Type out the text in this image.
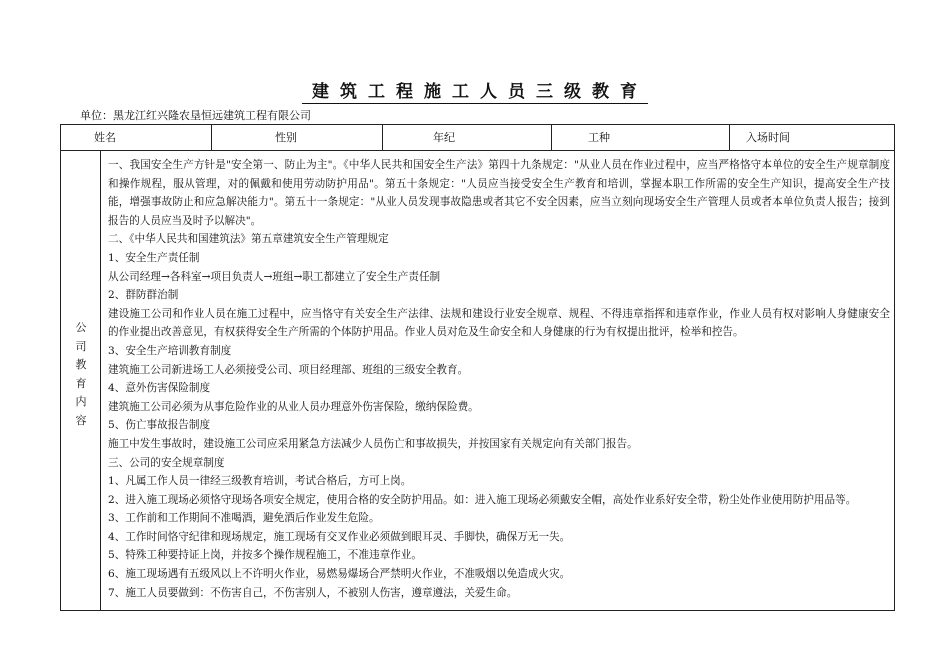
建筑工程施工人员三级教育
单位：黑龙江红兴隆农垦恒远建筑工程有限公司
姓名	性别	年纪	工种	入场时间
公
司
教
育
内
容

一、我国安全生产方针是"安全第一、防止为主"。《中华人民共和国安全生产法》第四十九条规定："从业人员在作业过程中，应当严格恪守本单位的安全生产规章制度和操作规程，服从管理，对的佩戴和使用劳动防护用品"。第五十条规定："人员应当接受安全生产教育和培训，掌握本职工作所需的安全生产知识，提高安全生产技能，增强事故防止和应急解决能力"。第五十一条规定："从业人员发现事故隐患或者其它不安全因素，应当立刻向现场安全生产管理人员或者本单位负责人报告；接到报告的人员应当及时予以解决"。

二、《中华人民共和国建筑法》第五章建筑安全生产管理规定

1、安全生产责任制

从公司经理→各科室→项目负责人→班组→职工都建立了安全生产责任制

2、群防群治制

建设施工公司和作业人员在施工过程中，应当恪守有关安全生产法律、法规和建设行业安全规章、规程、不得违章指挥和违章作业，作业人员有权对影响人身健康安全的作业提出改善意见，有权获得安全生产所需的个体防护用品。作业人员对危及生命安全和人身健康的行为有权提出批评，检举和控告。

3、安全生产培训教育制度

建筑施工公司新进场工人必须接受公司、项目经理部、班组的三级安全教育。

4、意外伤害保险制度

建筑施工公司必须为从事危险作业的从业人员办理意外伤害保险，缴纳保险费。

5、伤亡事故报告制度

施工中发生事故时，建设施工公司应采用紧急方法减少人员伤亡和事故损失，并按国家有关规定向有关部门报告。

三、公司的安全规章制度

1、凡属工作人员一律经三级教育培训，考试合格后，方可上岗。

2、进入施工现场必须恪守现场各项安全规定，使用合格的安全防护用品。如：进入施工现场必须戴安全帽，高处作业系好安全带，粉尘处作业使用防护用品等。

3、工作前和工作期间不准喝酒，避免酒后作业发生危险。

4、工作时间恪守纪律和现场规定，施工现场有交叉作业必须做到眼耳灵、手脚快，确保万无一失。

5、特殊工种要持证上岗，并按多个操作规程施工，不准违章作业。

6、施工现场遇有五级风以上不许明火作业，易燃易爆场合严禁明火作业，不准吸烟以免造成火灾。

7、施工人员要做到：不伤害自己，不伤害别人，不被别人伤害，遵章遵法，关爱生命。
